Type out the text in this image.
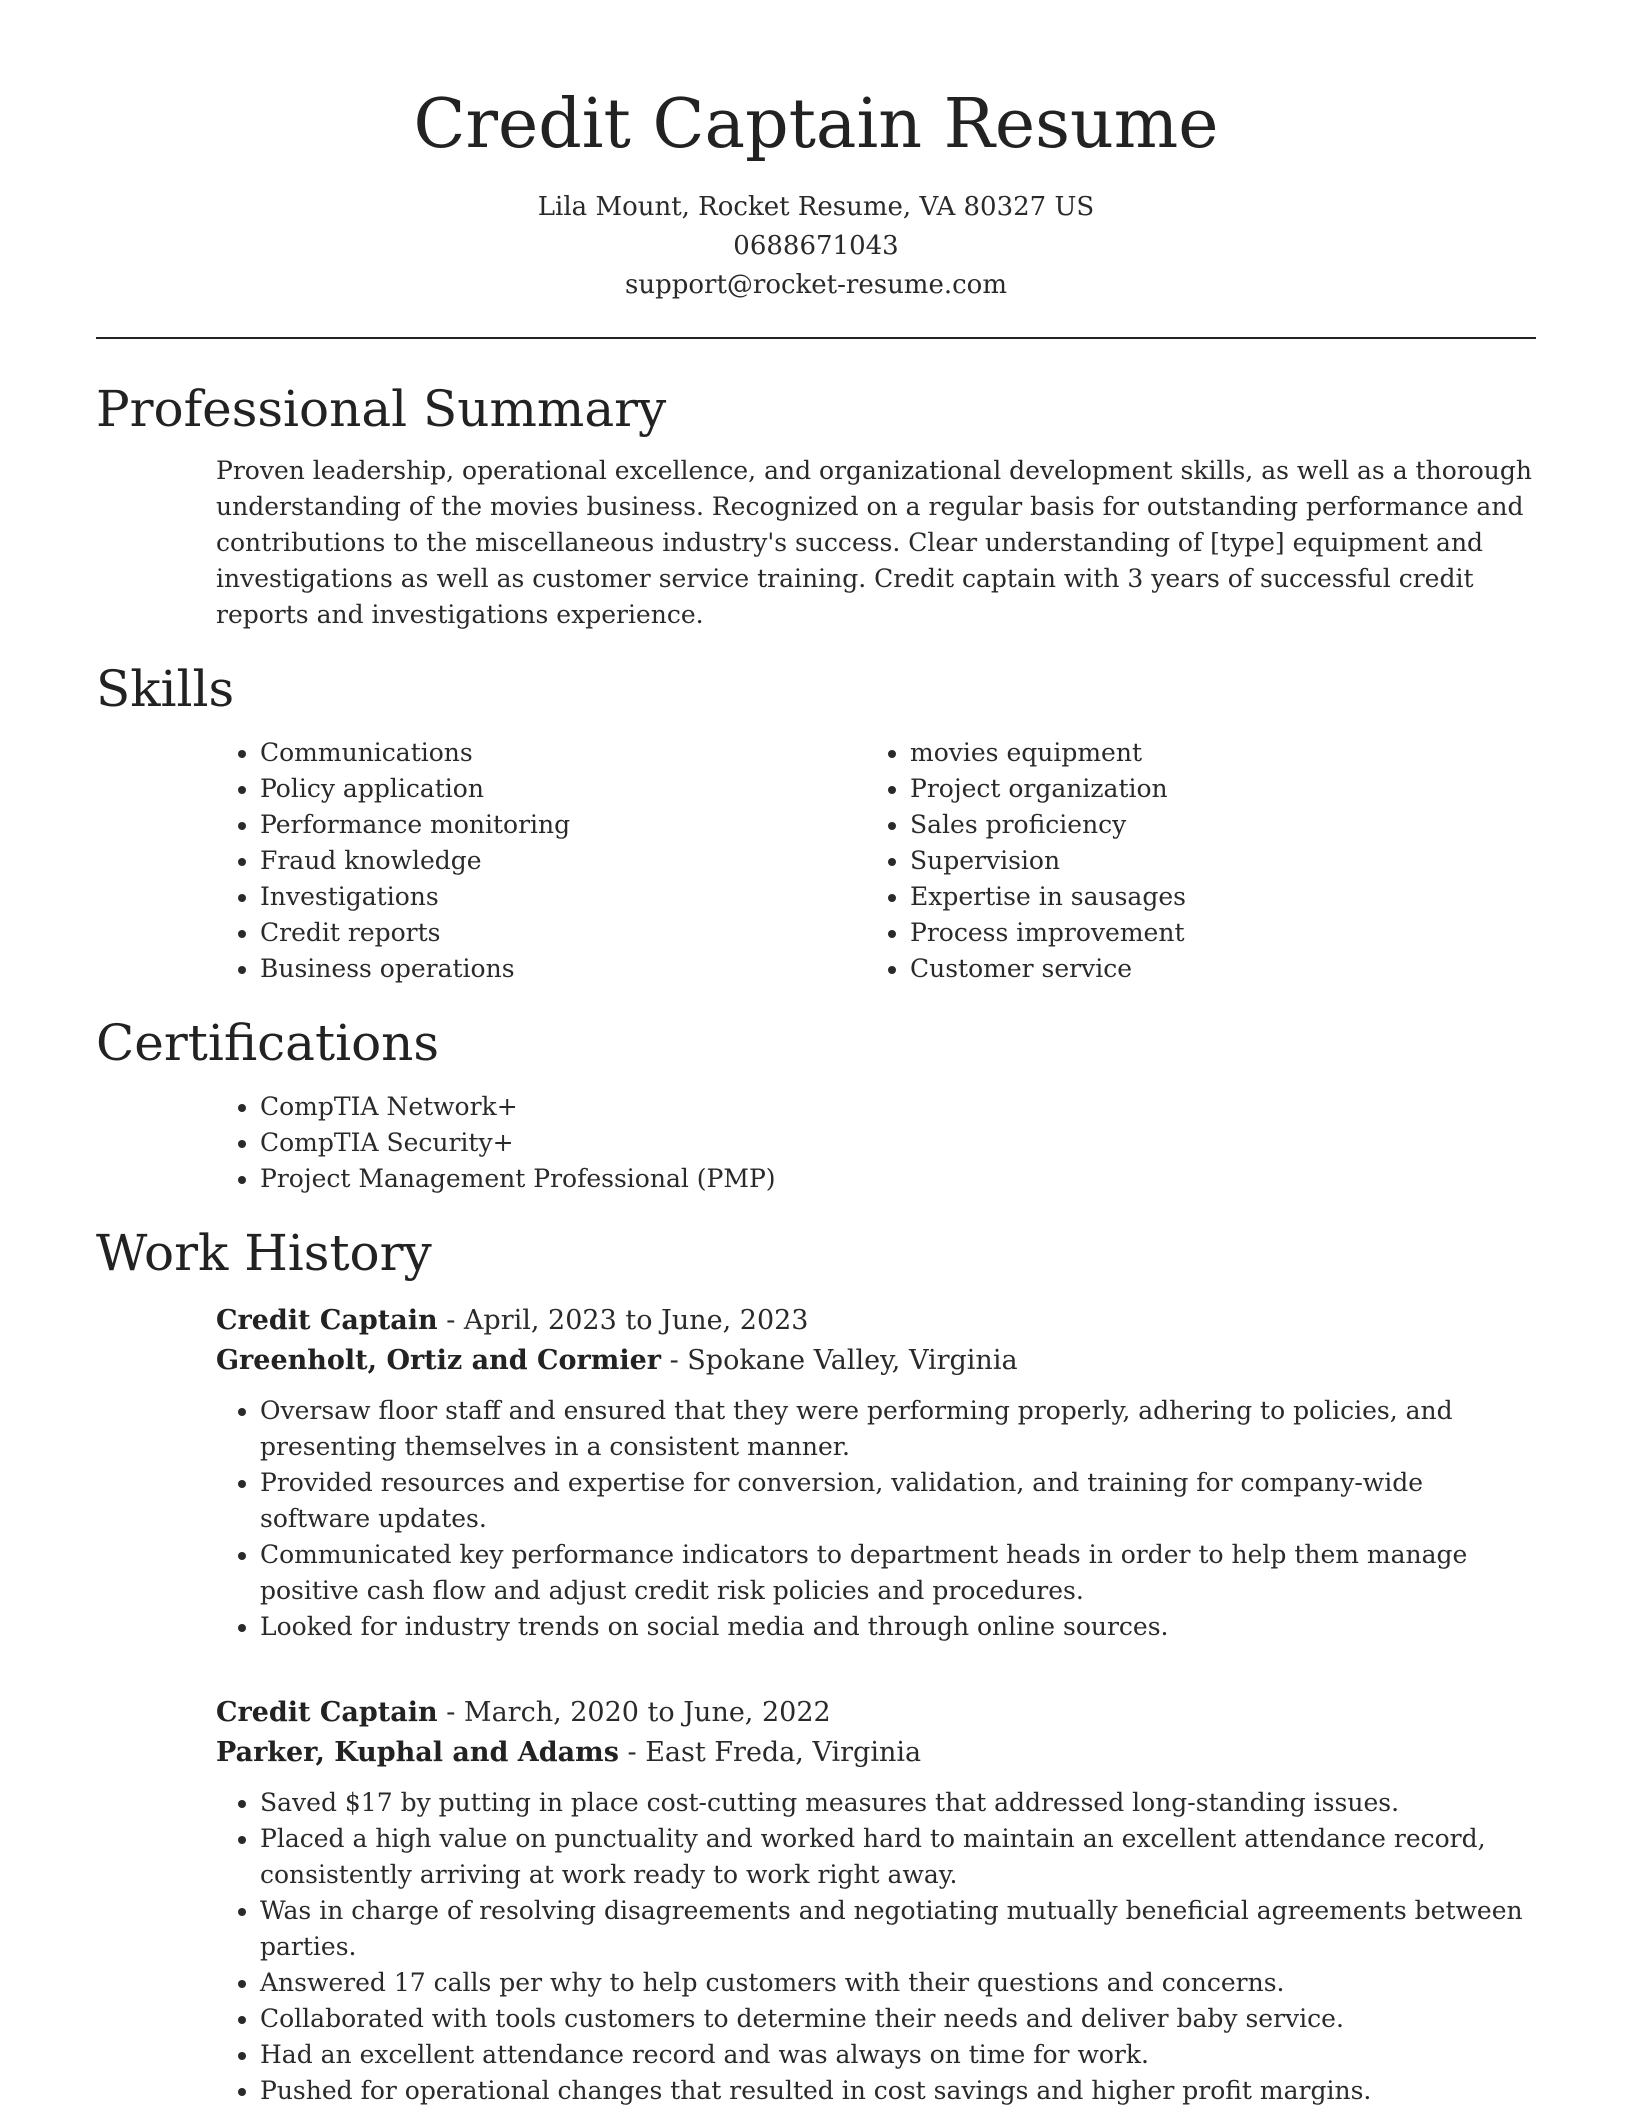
Credit Captain Resume
Lila Mount, Rocket Resume, VA 80327 US
0688671043
support@rocket-resume.com
Professional Summary

Proven leadership, operational excellence, and organizational development skills, as well as a thorough understanding of the movies business. Recognized on a regular basis for outstanding performance and contributions to the miscellaneous industry's success. Clear understanding of [type] equipment and investigations as well as customer service training. Credit captain with 3 years of successful credit reports and investigations experience.

Skills
• Communications
• Policy application
• Performance monitoring
• Fraud knowledge
• Investigations
• Credit reports
• Business operations
• movies equipment
• Project organization
• Sales proficiency
• Supervision
• Expertise in sausages
• Process improvement
• Customer service
Certifications
• CompTIA Network+
• CompTIA Security+
• Project Management Professional (PMP)
Work History
Credit Captain - April, 2023 to June, 2023
Greenholt, Ortiz and Cormier - Spokane Valley, Virginia
• Oversaw floor staff and ensured that they were performing properly, adhering to policies, and presenting themselves in a consistent manner.
• Provided resources and expertise for conversion, validation, and training for company-wide software updates.
• Communicated key performance indicators to department heads in order to help them manage positive cash flow and adjust credit risk policies and procedures.
• Looked for industry trends on social media and through online sources.
Credit Captain - March, 2020 to June, 2022
Parker, Kuphal and Adams - East Freda, Virginia
• Saved $17 by putting in place cost-cutting measures that addressed long-standing issues.
• Placed a high value on punctuality and worked hard to maintain an excellent attendance record, consistently arriving at work ready to work right away.
• Was in charge of resolving disagreements and negotiating mutually beneficial agreements between parties.
• Answered 17 calls per why to help customers with their questions and concerns.
• Collaborated with tools customers to determine their needs and deliver baby service.
• Had an excellent attendance record and was always on time for work.
• Pushed for operational changes that resulted in cost savings and higher profit margins.
